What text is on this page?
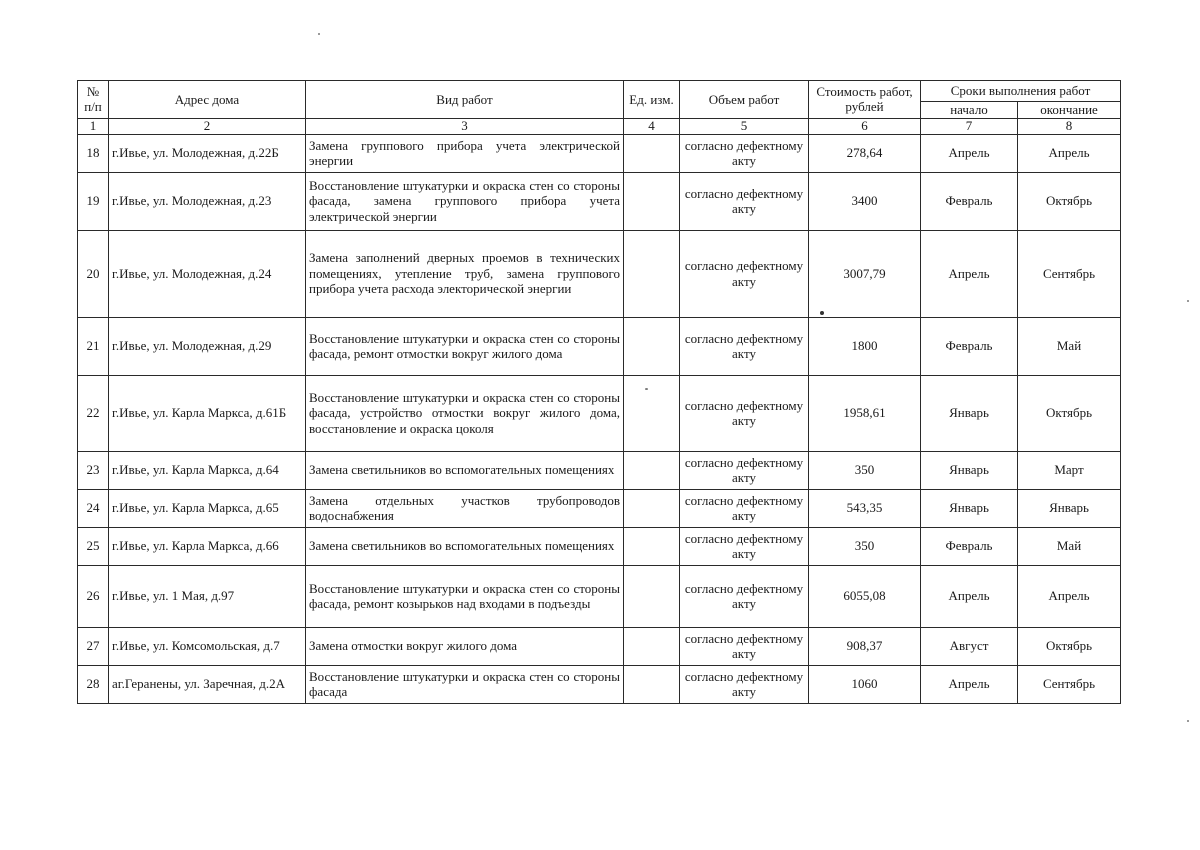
№ п/п	Адрес дома	Вид работ	Ед. изм.	Объем работ	Стоимость работ, рублей	Сроки выполнения работ	
						начало	окончание
1	2	3	4	5	6	7	8
18	г.Ивье, ул. Молодежная, д.22Б	Замена группового прибора учета электрической энергии		согласно дефектному акту	278,64	Апрель	Апрель
19	г.Ивье, ул. Молодежная, д.23	Восстановление штукатурки и окраска стен со стороны фасада, замена группового прибора учета электрической энергии		согласно дефектному акту	3400	Февраль	Октябрь
20	г.Ивье, ул. Молодежная, д.24	Замена заполнений дверных проемов в технических помещениях, утепление труб, замена группового прибора учета расхода электорической энергии		согласно дефектному акту	3007,79	Апрель	Сентябрь
21	г.Ивье, ул. Молодежная, д.29	Восстановление штукатурки и окраска стен со стороны фасада, ремонт отмостки вокруг жилого дома		согласно дефектному акту	1800	Февраль	Май
22	г.Ивье, ул. Карла Маркса, д.61Б	Восстановление штукатурки и окраска стен со стороны фасада, устройство отмостки вокруг жилого дома, восстановление и окраска цоколя		согласно дефектному акту	1958,61	Январь	Октябрь
23	г.Ивье, ул. Карла Маркса, д.64	Замена светильников во вспомогательных помещениях		согласно дефектному акту	350	Январь	Март
24	г.Ивье, ул. Карла Маркса, д.65	Замена отдельных участков трубопроводов водоснабжения		согласно дефектному акту	543,35	Январь	Январь
25	г.Ивье, ул. Карла Маркса, д.66	Замена светильников во вспомогательных помещениях		согласно дефектному акту	350	Февраль	Май
26	г.Ивье, ул. 1 Мая, д.97	Восстановление штукатурки и окраска стен со стороны фасада, ремонт козырьков над входами в подъезды		согласно дефектному акту	6055,08	Апрель	Апрель
27	г.Ивье, ул. Комсомольская, д.7	Замена отмостки вокруг жилого дома		согласно дефектному акту	908,37	Август	Октябрь
28	аг.Геранены, ул. Заречная, д.2А	Восстановление штукатурки и окраска стен со стороны фасада		согласно дефектному акту	1060	Апрель	Сентябрь
